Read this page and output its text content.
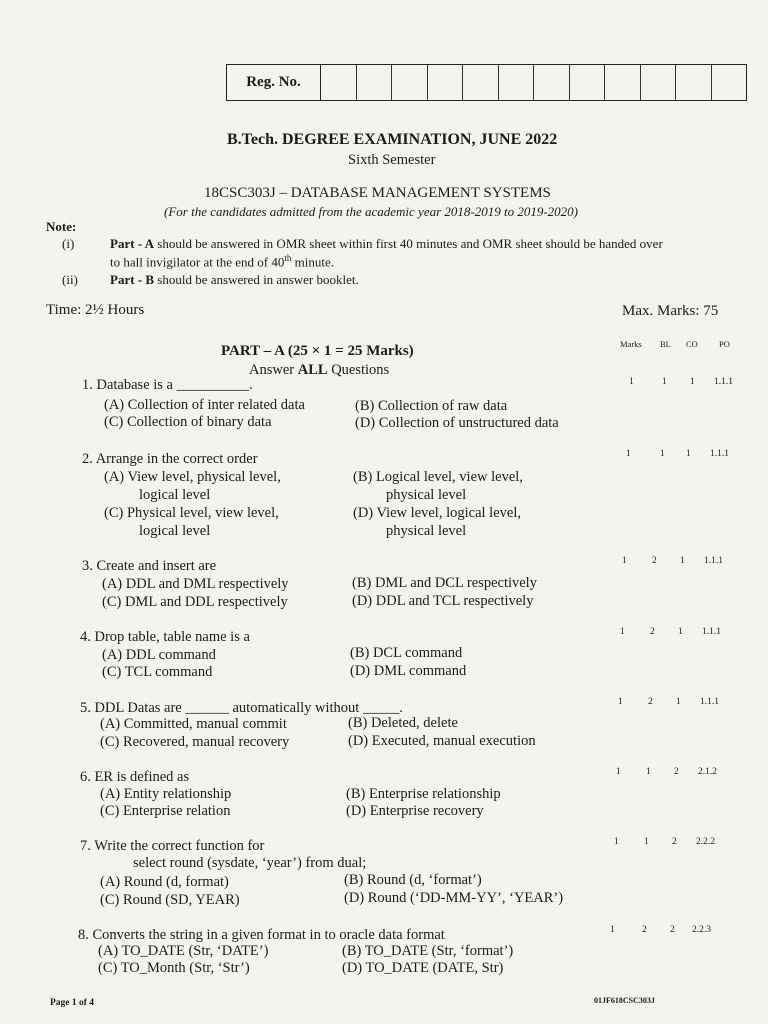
Reg. No.
B.Tech. DEGREE EXAMINATION, JUNE 2022
Sixth Semester
18CSC303J – DATABASE MANAGEMENT SYSTEMS
(For the candidates admitted from the academic year 2018-2019 to 2019-2020)
Note:
(i)	Part - A should be answered in OMR sheet within first 40 minutes and OMR sheet should be handed over
to hall invigilator at the end of 40th minute.
(ii) Part - B should be answered in answer booklet.
Time: 2½ Hours	Max. Marks: 75
PART – A (25 × 1 = 25 Marks)
Answer ALL Questions
Marks BL CO PO
1. Database is a __________.
(A) Collection of inter related data	(B) Collection of raw data
(C) Collection of binary data	(D) Collection of unstructured data
1	1 1 1.1.1
2. Arrange in the correct order
(A) View level, physical level,
logical level
(B) Logical level, view level,
physical level
(C) Physical level, view level,
logical level
(D) View level, logical level,
physical level
1	1 1 1.1.1
3. Create and insert are
(A) DDL and DML respectively	(B) DML and DCL respectively
(C) DML and DDL respectively	(D) DDL and TCL respectively
1	2 1 1.1.1
4. Drop table, table name is a
(A) DDL command	(B) DCL command
(C) TCL command	(D) DML command
1	2 1 1.1.1
5. DDL Datas are ______ automatically without _____.
(A) Committed, manual commit	(B) Deleted, delete
(C) Recovered, manual recovery	(D) Executed, manual execution
1	2 1 1.1.1
6. ER is defined as
(A) Entity relationship	(B) Enterprise relationship
(C) Enterprise relation	(D) Enterprise recovery
1	1 2 2.1.2
7. Write the correct function for
select round (sysdate, ‘year’) from dual;
(A) Round (d, format)	(B) Round (d, ‘format’)
(C) Round (SD, YEAR)	(D) Round (‘DD-MM-YY’, ‘YEAR’)
1	1 2 2.2.2
8. Converts the string in a given format in to oracle data format
(A) TO_DATE (Str, ‘DATE’)	(B) TO_DATE (Str, ‘format’)
(C) TO_Month (Str, ‘Str’)	(D) TO_DATE (DATE, Str)
1	2 2 2.2.3
Page 1 of 4	01JF618CSC303J
